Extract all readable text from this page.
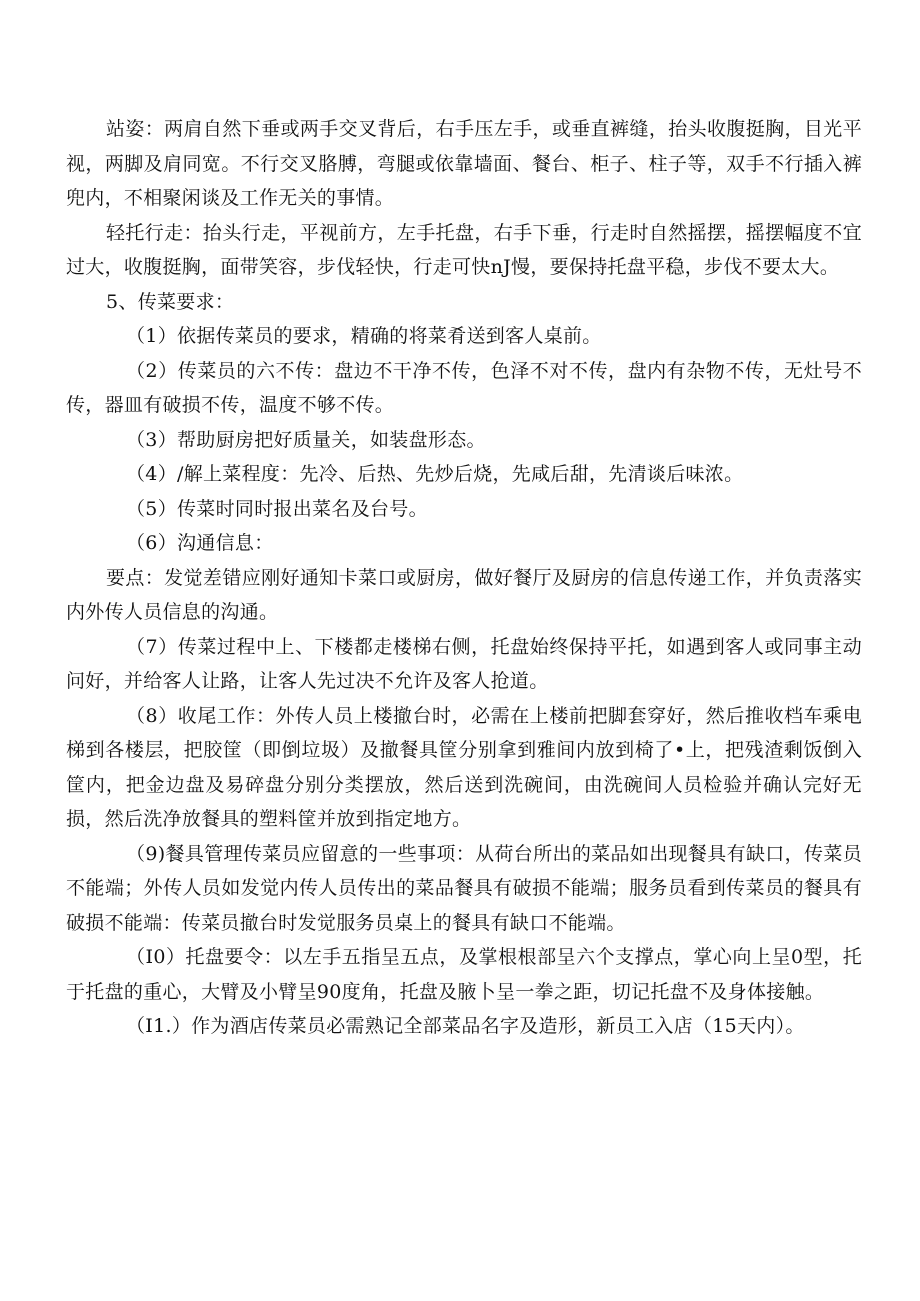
站姿：两肩自然下垂或两手交叉背后，右手压左手，或垂直裤缝，抬头收腹挺胸，目光平视，两脚及肩同宽。不行交叉胳膊，弯腿或依靠墙面、餐台、柜子、柱子等，双手不行插入裤兜内，不相聚闲谈及工作无关的事情。

轻托行走：抬头行走，平视前方，左手托盘，右手下垂，行走时自然摇摆，摇摆幅度不宜过大，收腹挺胸，面带笑容，步伐轻快，行走可快nJ慢，要保持托盘平稳，步伐不要太大。

5、传菜要求：

（1）依据传菜员的要求，精确的将菜肴送到客人桌前。

（2）传菜员的六不传：盘边不干净不传，色泽不对不传，盘内有杂物不传，无灶号不传，器皿有破损不传，温度不够不传。

（3）帮助厨房把好质量关，如装盘形态。

（4）/解上菜程度：先冷、后热、先炒后烧，先咸后甜，先清谈后味浓。

（5）传菜时同时报出菜名及台号。

（6）沟通信息：

要点：发觉差错应刚好通知卡菜口或厨房，做好餐厅及厨房的信息传递工作，并负责落实内外传人员信息的沟通。

（7）传菜过程中上、下楼都走楼梯右侧，托盘始终保持平托，如遇到客人或同事主动问好，并给客人让路，让客人先过决不允许及客人抢道。

（8）收尾工作：外传人员上楼撤台时，必需在上楼前把脚套穿好，然后推收档车乘电梯到各楼层，把胶筐（即倒垃圾）及撤餐具筐分别拿到雅间内放到椅了•上，把残渣剩饭倒入筐内，把金边盘及易碎盘分别分类摆放，然后送到洗碗间，由洗碗间人员检验并确认完好无损，然后洗净放餐具的塑料筐并放到指定地方。

（9)餐具管理传菜员应留意的一些事项：从荷台所出的菜品如出现餐具有缺口，传菜员不能端；外传人员如发觉内传人员传出的菜品餐具有破损不能端；服务员看到传菜员的餐具有破损不能端：传菜员撤台时发觉服务员桌上的餐具有缺口不能端。

（I0）托盘要令：以左手五指呈五点，及掌根根部呈六个支撑点，掌心向上呈0型，托于托盘的重心，大臂及小臂呈90度角，托盘及腋卜呈一拳之距，切记托盘不及身体接触。

（I1.）作为酒店传菜员必需熟记全部菜品名字及造形，新员工入店（15天内）。
